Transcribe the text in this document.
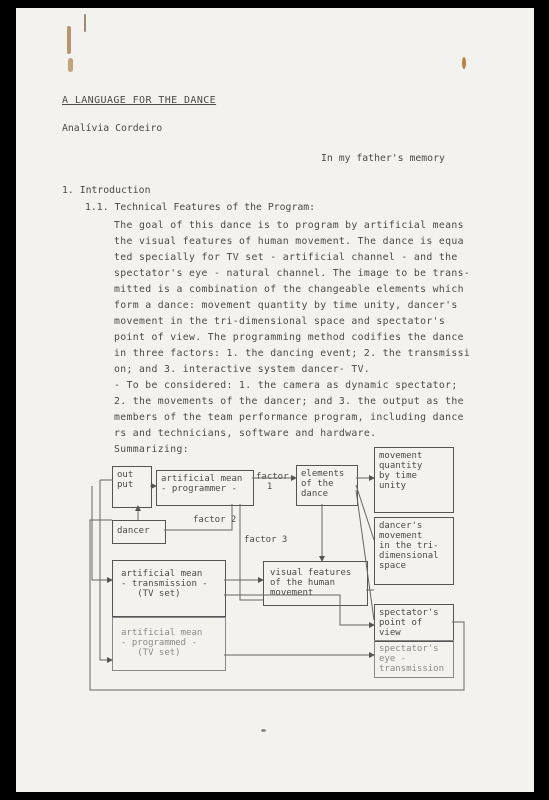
A LANGUAGE FOR THE DANCE
Analívia Cordeiro
In my father's memory
1. Introduction
1.1. Technical Features of the Program:
The goal of this dance is to program by artificial means
the visual features of human movement. The dance is equa
ted specially for TV set - artificial channel - and the
spectator's eye - natural channel. The image to be trans-
mitted is a combination of the changeable elements which
form a dance: movement quantity by time unity, dancer's
movement in the tri-dimensional space and spectator's
point of view. The programming method codifies the dance
in three factors: 1. the dancing event; 2. the transmissi
on; and 3. interactive system dancer- TV.
- To be considered: 1. the camera as dynamic spectator;
2. the movements of the dancer; and 3. the output as the
members of the team performance program, including dance
rs and technicians, software and hardware.
Summarizing:
out
put
artificial mean
- programmer -
factor
1
elements
of the
dance
movement
quantity
by time
unity
dancer
factor 2
factor 3
dancer's
movement
in the tri-
dimensional
space
artificial mean
- transmission -
(TV set)
visual features
of the human
movement
artificial mean
- programmed -
(TV set)
spectator's
point of
view
spectator's
eye -
transmission
